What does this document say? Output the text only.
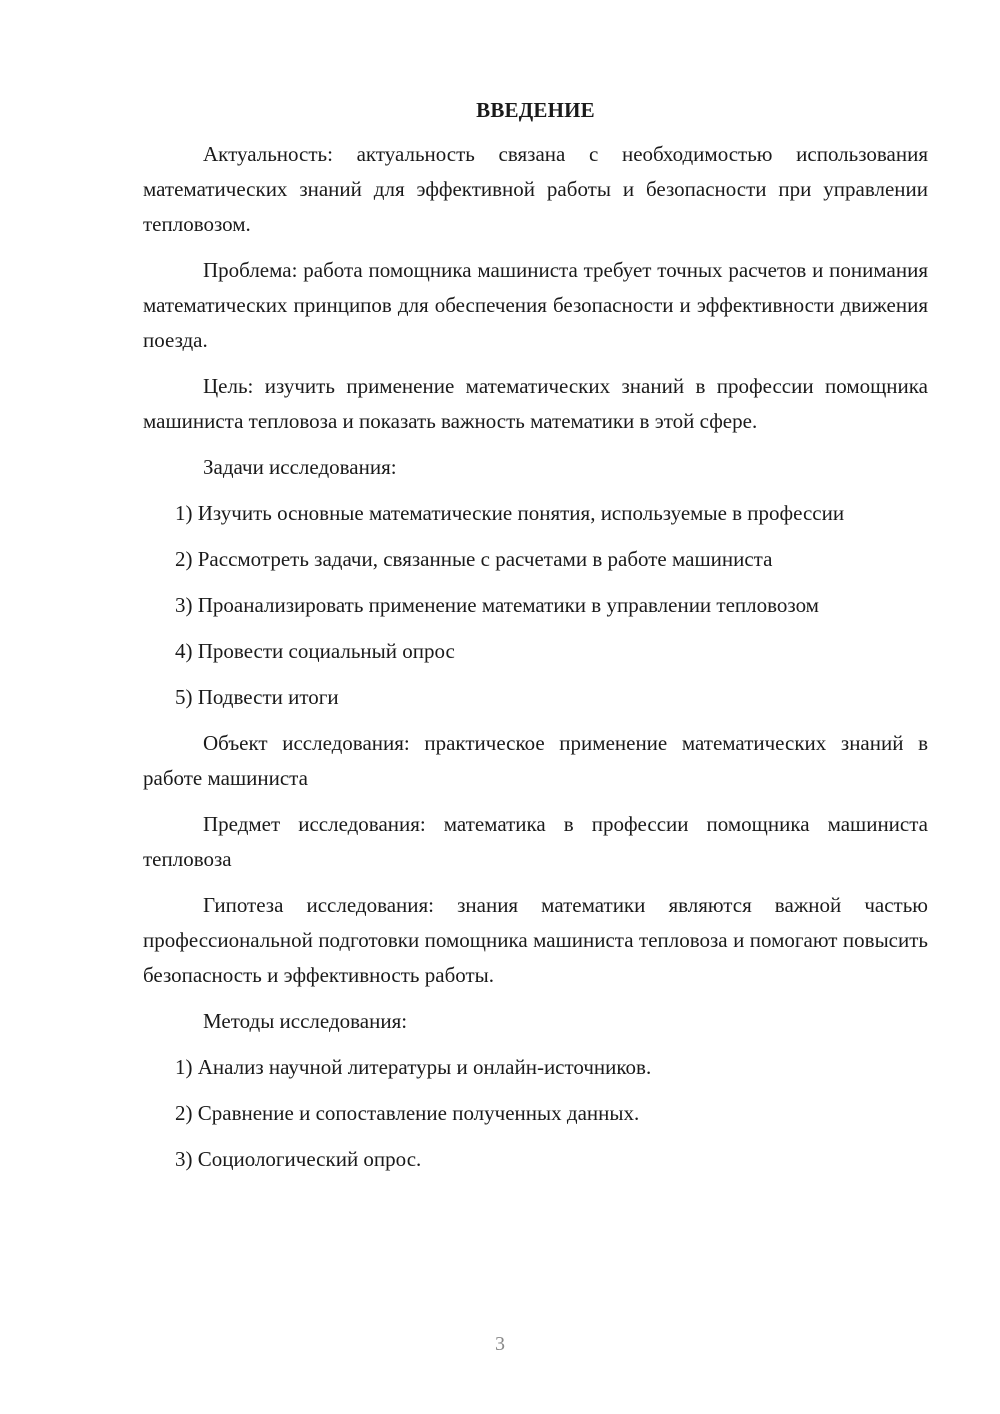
ВВЕДЕНИЕ

Актуальность: актуальность связана с необходимостью использования математических знаний для эффективной работы и безопасности при управлении тепловозом.

Проблема: работа помощника машиниста требует точных расчетов и понимания математических принципов для обеспечения безопасности и эффективности движения поезда.

Цель: изучить применение математических знаний в профессии помощника машиниста тепловоза и показать важность математики в этой сфере.

Задачи исследования:

1) Изучить основные математические понятия, используемые в профессии

2) Рассмотреть задачи, связанные с расчетами в работе машиниста

3) Проанализировать применение математики в управлении тепловозом

4) Провести социальный опрос

5) Подвести итоги

Объект исследования: практическое применение математических знаний в работе машиниста

Предмет исследования: математика в профессии помощника машиниста тепловоза

Гипотеза исследования: знания математики являются важной частью профессиональной подготовки помощника машиниста тепловоза и помогают повысить безопасность и эффективность работы.

Методы исследования:

1) Анализ научной литературы и онлайн-источников.

2) Сравнение и сопоставление полученных данных.

3) Социологический опрос.

3
